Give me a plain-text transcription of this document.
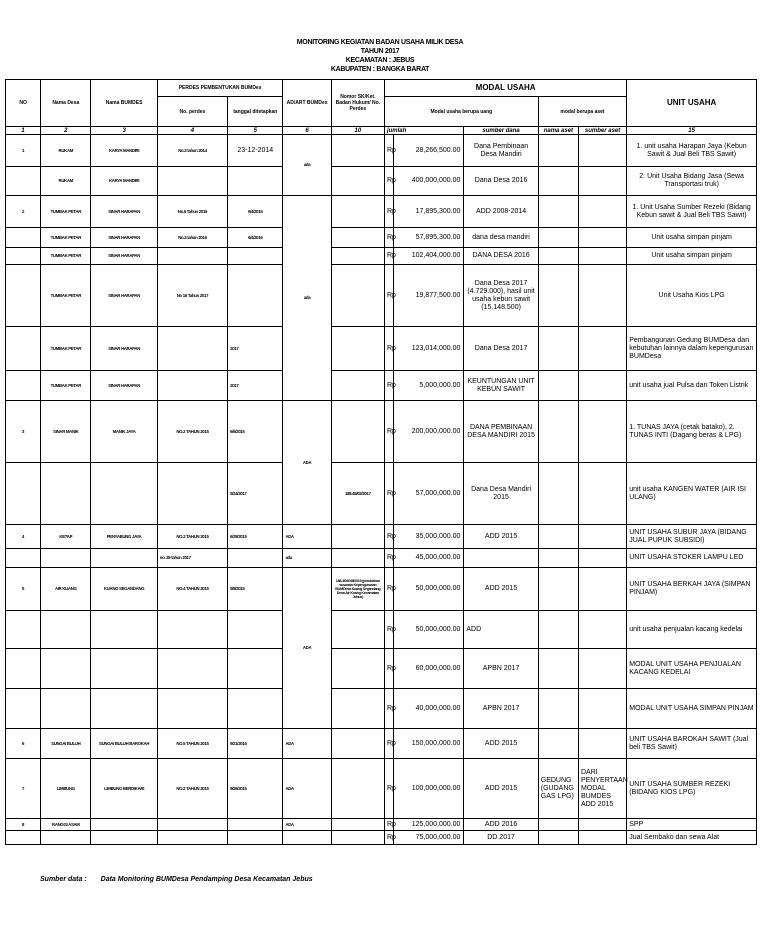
MONITORING KEGIATAN BADAN USAHA MILIK DESA
TAHUN 2017
KECAMATAN : JEBUS
KABUPATEN : BANGKA BARAT
NO	Nama Desa	Nama BUMDES	PERDES PEMBENTUKAN BUMDes		AD/ART BUMDes	Nomor SK/Ket. Badan Hukum/ No. Perdes	MODAL USAHA					UNIT USAHA
			No. perdes	tanggal ditetapkan			Modal usaha berupa uang			modal berupa aset		
1	2	3	4	5	6	10	jumlah		sumber dana	nama aset	sumber aset	15
1	RUKAM	KARYA MANDIRI	No.3 tahun 2014	23-12-2014	ada		Rp	28,266,500.00	Dana Pembinaan Desa Mandiri			1. unit usaha Harapan Jaya (Kebun Sawit & Jual Beli TBS Sawit)
	RUKAM	KARYA MANDIRI					Rp	400,000,000.00	Dana Desa 2016			2. Unit Usaha Bidang Jasa (Sewa Transportasi truk)
2	TUMBAK PETAR	SINAR HARAPAN	No.6 Tahun 2015	6/4/2015	ada		Rp	17,895,300.00	ADD 2008-2014			1. Unit Usaha Sumber Rezeki (Bidang Kebun sawit & Jual Beli TBS Sawit)
	TUMBAK PETAR	SINAR HARAPAN	No.3 tahun 2016	6/4/2016			Rp	57,895,300.00	dana desa mandiri			Unit usaha simpan pinjam
	TUMBAK PETAR	SINAR HARAPAN					Rp	102,404,000.00	DANA DESA 2016			Unit usaha simpan pinjam
	TUMBAK PETAR	SINAR HARAPAN	No 16 Tahun 2017				Rp	19,877,500.00	Dana Desa 2017 (4.729.000), hasil unit usaha kebun sawit (15.148.500)			Unit Usaha Kios LPG
	TUMBAK PETAR	SINAR HARAPAN		2017			Rp	123,014,000.00	Dana Desa 2017			Pembangunan Gedung BUMDesa dan kebutuhan lainnya dalam kepengurusan BUMDesa
	TUMBAK PETAR	SINAR HARAPAN		2017			Rp	5,000,000.00	KEUNTUNGAN UNIT KEBUN SAWIT			unit usaha jual Pulsa dan Token Listrik
3	SINAR MANIK	MANIK JAYA	NO.2 TAHUN 2015	6/6/2015	ADA		Rp	200,000,000.00	DANA PEMBINAAN DESA MANDIRI 2015			1. TUNAS JAYA (cetak batako), 2. TUNAS INTI (Dagang beras & LPG)
				5/24/2017		188.45/02/2017	Rp	57,000,000.00	Dana Desa Mandiri 2015			unit usaha KANGEN WATER (AIR ISI ULANG)
4	KETAP	PENYABUNG JAYA	NO.2 TAHUN 2015	6/29/2015	ADA		Rp	35,000,000.00	ADD 2015			UNIT USAHA SUBUR JAYA (BIDANG JUAL PUPUK SUBSIDI)
			no. 29 tahun 2017		ada		Rp	45,000,000.00				UNIT USAHA STOKER LAMPU LED
5	AIR KUANG	KUANG SEGANDANG	NO.4 TAHUN 2015	5/8/2015	ADA	188.4/04/VIII/2015 (perubahan susunan Kepengurusan BUMDesa Kuang Segandang Desa Air Kuang Kecamatan Jebus)	Rp	50,000,000.00	ADD 2015			UNIT USAHA BERKAH JAYA (SIMPAN PINJAM)
							Rp	50,000,000.00	ADD			unit usaha penjualan kacang kedelai
							Rp	60,000,000.00	APBN 2017			MODAL UNIT USAHA PENJUALAN KACANG KEDELAI
							Rp	40,000,000.00	APBN 2017			MODAL UNIT USAHA SIMPAN PINJAM
6	SUNGAI BULUH	SUNGAI BULUH BAROKAH	NO.5 TAHUN 2015	9/21/2015	ADA		Rp	150,000,000.00	ADD 2015			UNIT USAHA BAROKAH SAWIT (Jual beli TBS Sawit)
7	LIMBUNG	LIMBUNG BERDIKARI	NO.2 TAHUN 2015	9/26/2015	ADA		Rp	100,000,000.00	ADD 2015	GEDUNG (GUDANG GAS LPG)	DARI PENYERTAAN MODAL BUMDES ADD 2015	UNIT USAHA SUMBER REZEKI (BIDANG KIOS LPG)
8	RANGGI ASAM				ADA		Rp	125,000,000.00	ADD 2016			SPP
							Rp	75,000,000.00	DD 2017			Jual Sembako dan sewa Alat
Sumber data : Data Monitoring BUMDesa Pendamping Desa Kecamatan Jebus
